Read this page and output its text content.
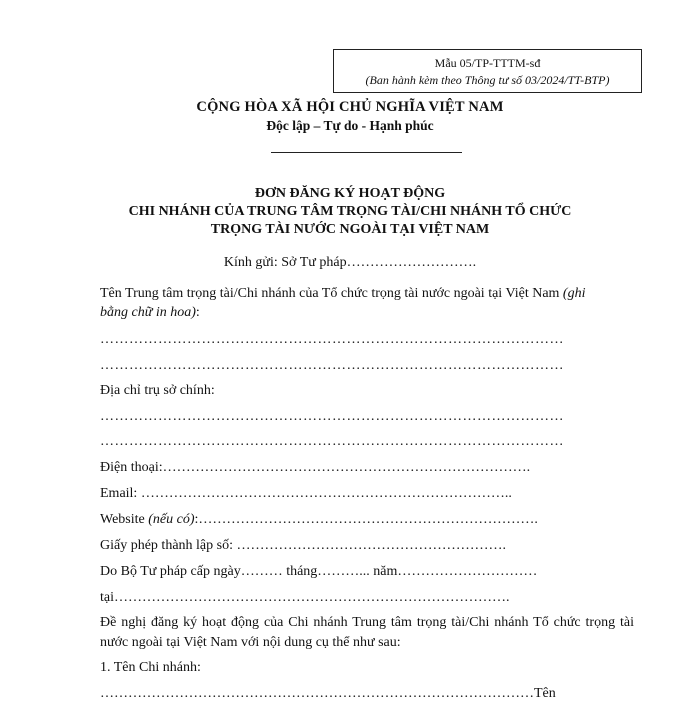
Mẫu 05/TP-TTTM-sđ
(Ban hành kèm theo Thông tư số 03/2024/TT-BTP)
CỘNG HÒA XÃ HỘI CHỦ NGHĨA VIỆT NAM
Độc lập – Tự do - Hạnh phúc
ĐƠN ĐĂNG KÝ HOẠT ĐỘNG
CHI NHÁNH CỦA TRUNG TÂM TRỌNG TÀI/CHI NHÁNH TỔ CHỨC
TRỌNG TÀI NƯỚC NGOÀI TẠI VIỆT NAM
Kính gửi: Sở Tư pháp……………………….
Tên Trung tâm trọng tài/Chi nhánh của Tổ chức trọng tài nước ngoài tại Việt Nam (ghi
bằng chữ in hoa):
……………………………………………………………………………………
……………………………………………………………………………………
Địa chỉ trụ sở chính:
……………………………………………………………………………………
……………………………………………………………………………………
Điện thoại:…………………………………………………………………….
Email: ……………………………………………………………………..
Website (nếu có):……………………………………………………………….
Giấy phép thành lập số: ………………………………………………….
Do Bộ Tư pháp cấp ngày……… tháng………... năm…………………………
tại………………………………………………………………………….
Đề nghị đăng ký hoạt động của Chi nhánh Trung tâm trọng tài/Chi nhánh Tổ chức trọng tài nước ngoài tại Việt Nam với nội dung cụ thể như sau:
1. Tên Chi nhánh:
…………………………………………………………………………………Tên
